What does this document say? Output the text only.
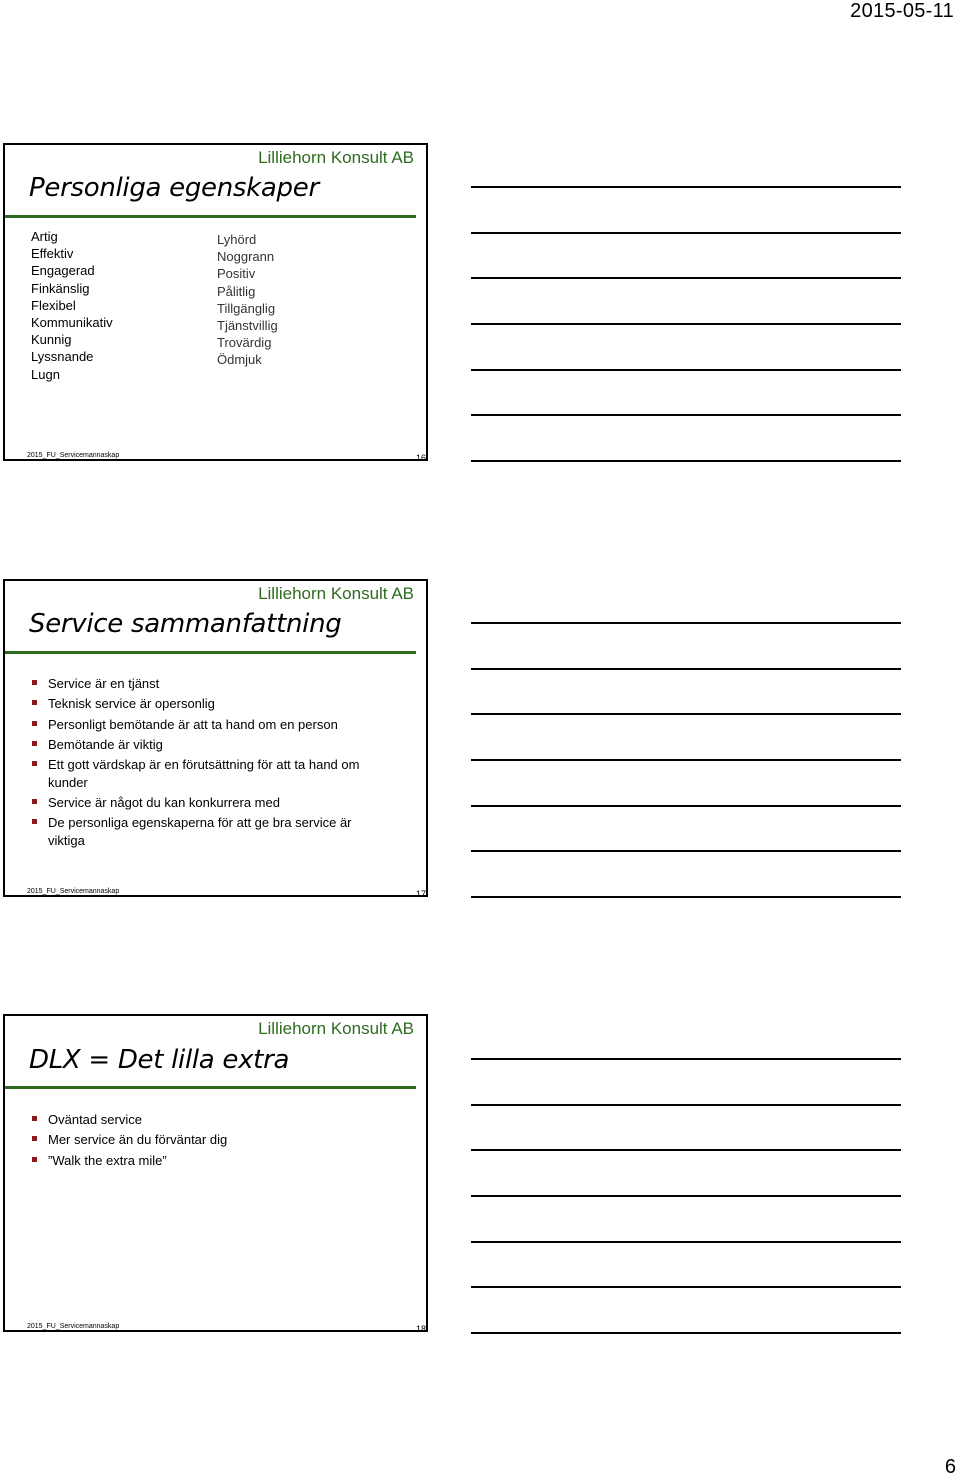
2015-05-11
Lilliehorn Konsult AB
Personliga egenskaper
Artig
Effektiv
Engagerad
Finkänslig
Flexibel
Kommunikativ
Kunnig
Lyssnande
Lugn
Lyhörd
Noggrann
Positiv
Pålitlig
Tillgänglig
Tjänstvillig
Trovärdig
Ödmjuk
2015_FU_Servicemannaskap	16
Lilliehorn Konsult AB
Service sammanfattning
Service är en tjänst
Teknisk service är opersonlig
Personligt bemötande är att ta hand om en person
Bemötande är viktig
Ett gott värdskap är en förutsättning för att ta hand om kunder
Service är något du kan konkurrera med
De personliga egenskaperna för att ge bra service är viktiga
2015_FU_Servicemannaskap	17
Lilliehorn Konsult AB
DLX = Det lilla extra
Oväntad service
Mer service än du förväntar dig
”Walk the extra mile”
2015_FU_Servicemannaskap	18
6
